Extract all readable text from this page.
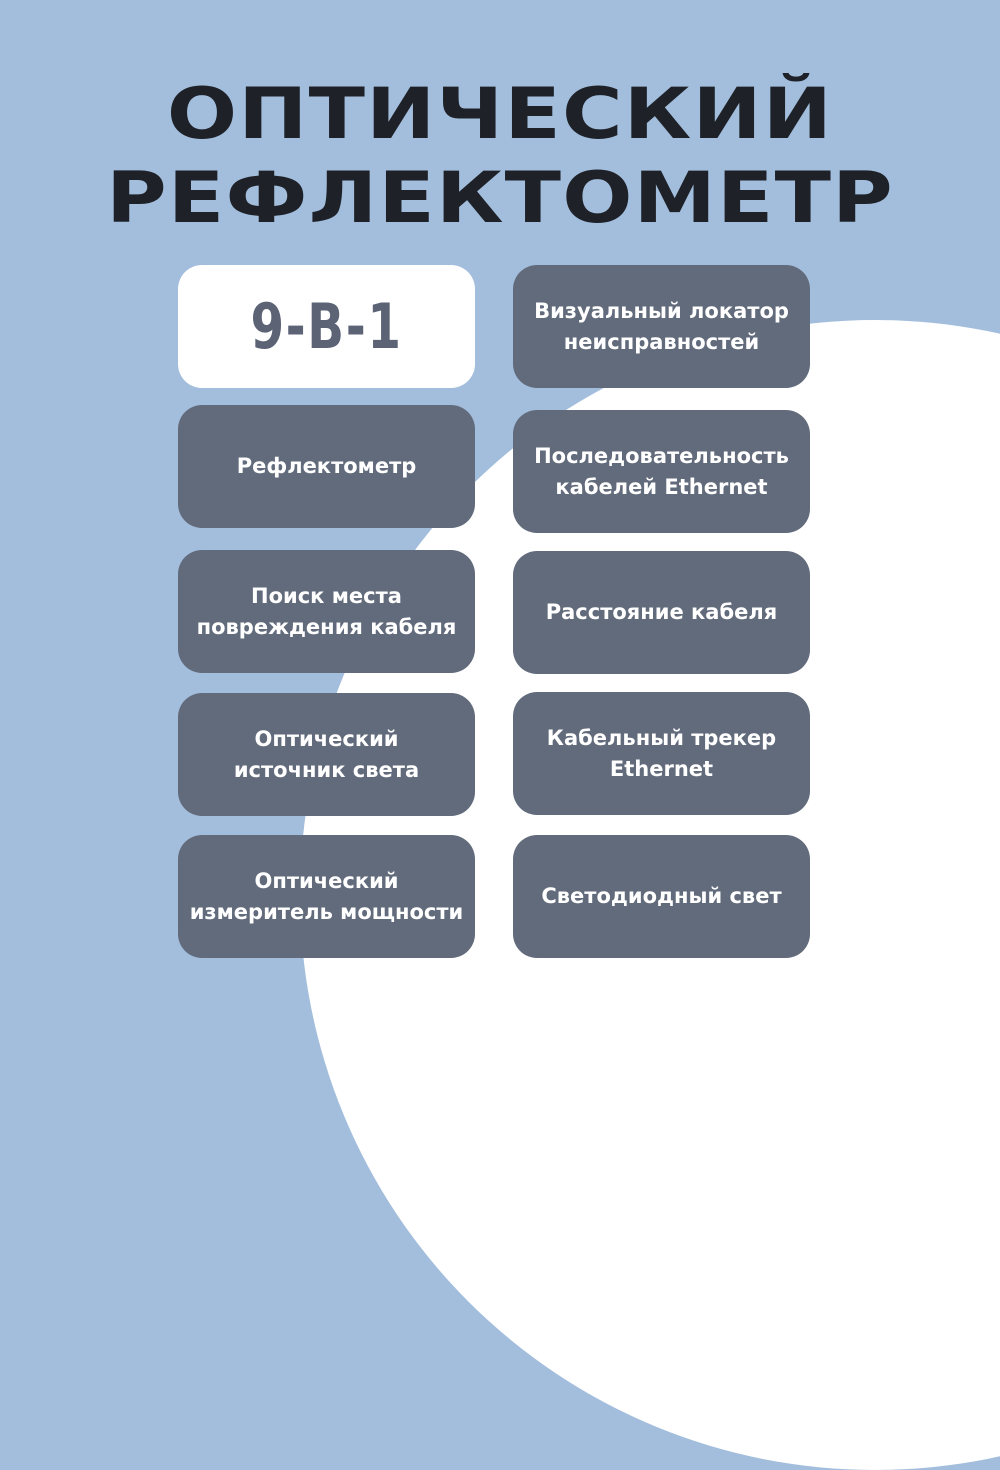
ОПТИЧЕСКИЙ
РЕФЛЕКТОМЕТР
9-В-1
Рефлектометр
Поиск места
повреждения кабеля
Оптический
источник света
Оптический
измеритель мощности
Визуальный локатор
неисправностей
Последовательность
кабелей Ethernet
Расстояние кабеля
Кабельный трекер
Ethernet
Светодиодный свет
